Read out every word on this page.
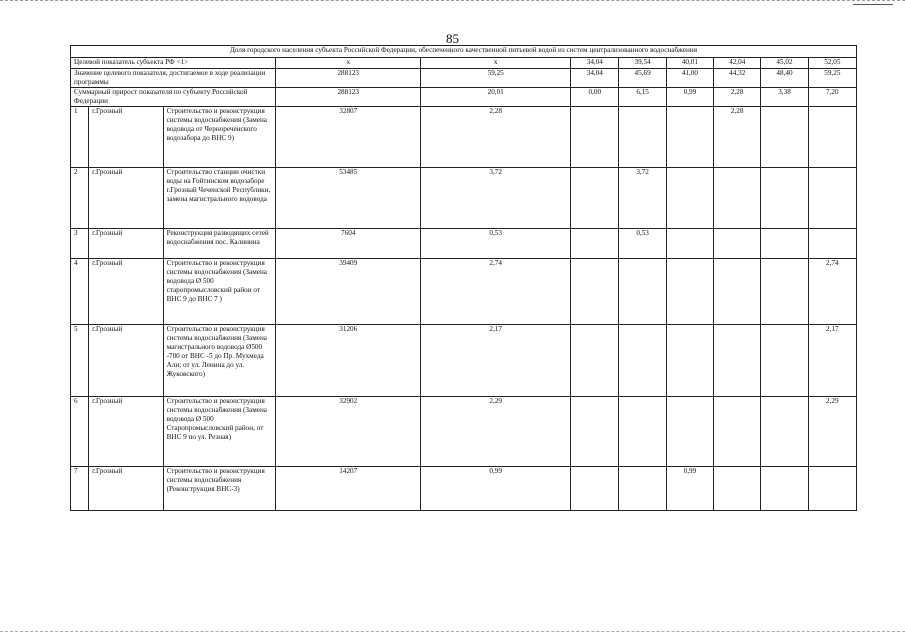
85
Доля городского населения субъекта Российской Федерации, обеспеченного качественной питьевой водой из систем централизованного водоснабжения										
Целевой показатель субъекта РФ <1>			x	x	34,04	39,54	40,01	42,04	45,02	52,05
Значение целевого показателя, достигаемое в ходе реализации программы			288123	59,25	34,04	45,69	41,00	44,32	48,40	59,25
Суммарный прирост показателя по субъекту Российской Федерации			288123	20,01	0,00	6,15	0,99	2,28	3,38	7,20
1	г.Грозный	Строительство и реконструкция системы водоснабжения (Замена водовода от Чернореченского водозабора до ВНС 9)	32807	2,28				2,28		
2	г.Грозный	Строительство станции очистки воды на Гойтинском водозаборе г.Грозный Чеченской Республики, замена магистрального водовода	53485	3,72		3,72				
3	г.Грозный	Реконструкция разводящих сетей водоснабжения пос. Калинина	7604	0,53		0,53				
4	г.Грозный	Строительство и реконструкция системы водоснабжения (Замена водовода Ø 500 старопромысловский район от ВНС 9 до ВНС 7 )	39409	2,74						2,74
5	г.Грозный	Строительство и реконструкция системы водоснабжения (Замена магистрального водовода Ø500 -700 от ВНС -5 до Пр. Мухмеда Али; от ул. Ленина до ул. Жуковского)	31206	2,17						2,17
6	г.Грозный	Строительство и реконструкция системы водоснабжения (Замена водовода Ø 500 Старопромысловский район, от ВНС 9 по ул. Резная)	32902	2,29						2,29
7	г.Грозный	Строительство и реконструкция системы водоснабжения (Реконструкция ВНС-3)	14207	0,99			0,99			
